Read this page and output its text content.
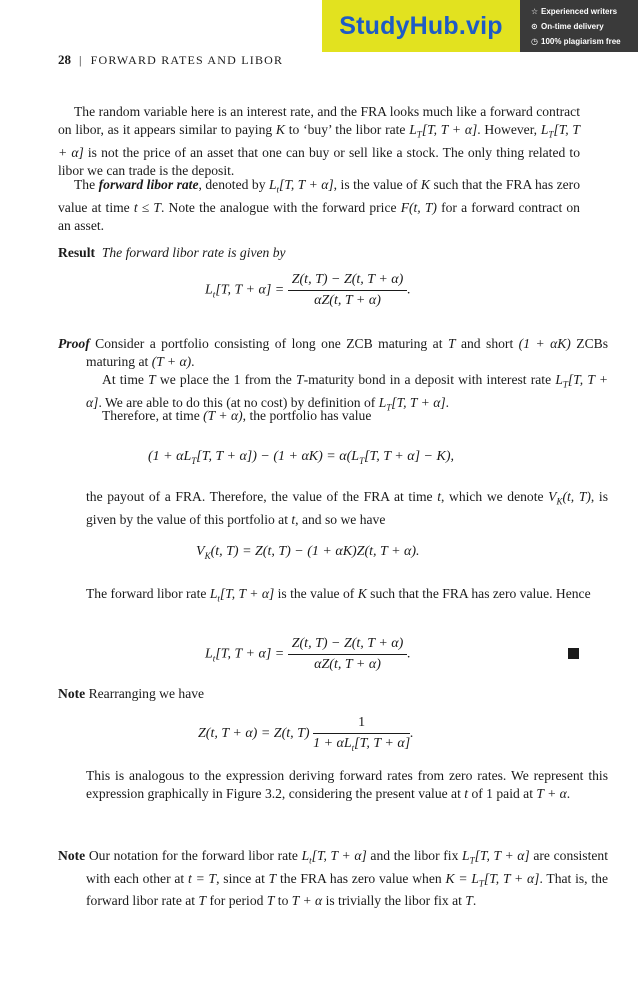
StudyHub.vip
☆ Experienced writers
⊙ On-time delivery
◷ 100% plagiarism free
28 | FORWARD RATES AND LIBOR
The random variable here is an interest rate, and the FRA looks much like a forward contract on libor, as it appears similar to paying K to ‘buy’ the libor rate $L_T[T$, T + α]. However, $L_T[T$, T + α] is not the price of an asset that one can buy or sell like a stock. The only thing related to libor we can trade is the deposit.
The forward libor rate, denoted by $L_t[T$, T + α], is the value of K such that the FRA has zero value at time t ≤ T. Note the analogue with the forward price F(t, T) for a forward contract on an asset.
Result The forward libor rate is given by
$L_t[T$, $T + \alpha] = \frac{Z(t, T) - Z(t, T + \alpha)}{\alpha Z(t, T + \alpha)}$ .
Proof Consider a portfolio consisting of long one ZCB maturing at T and short (1 + αK) ZCBs maturing at (T + α).
At time T we place the 1 from the T-maturity bond in a deposit with interest rate $L_T[T$, T + α]. We are able to do this (at no cost) by definition of $L_T[T$, T + α].
Therefore, at time (T + α), the portfolio has value
($1 + \alpha L_T[T$, $T + \alpha]) - (1 + \alpha K) = \alpha(L_T[T$, T + α] − K),
the payout of a FRA. Therefore, the value of the FRA at time t, which we denote $V_K(t$, T), is given by the value of this portfolio at t, and so we have
$V_K(t$, T) = Z(t, T) − (1 + αK)Z(t, T + α).
The forward libor rate $L_t[T$, T + α] is the value of K such that the FRA has zero value. Hence
$L_t[T$, $T + \alpha] = \frac{Z(t, T) - Z(t, T + \alpha)}{\alpha Z(t, T + \alpha)}$ .
Note Rearranging we have
Z(t, T + α) = Z(t, $T) \frac{1}{1 + \alpha L_t[T, T + \alpha]}$ .
This is analogous to the expression deriving forward rates from zero rates. We represent this expression graphically in Figure 3.2, considering the present value at t of 1 paid at T + α.
Note Our notation for the forward libor rate $L_t[T$, T + α] and the libor fix $L_T[T$, T + α] are consistent with each other at t = T, since at T the FRA has zero value when $K = L_T[T$, T + α]. That is, the forward libor rate at T for period T to T + α is trivially the libor fix at T.
